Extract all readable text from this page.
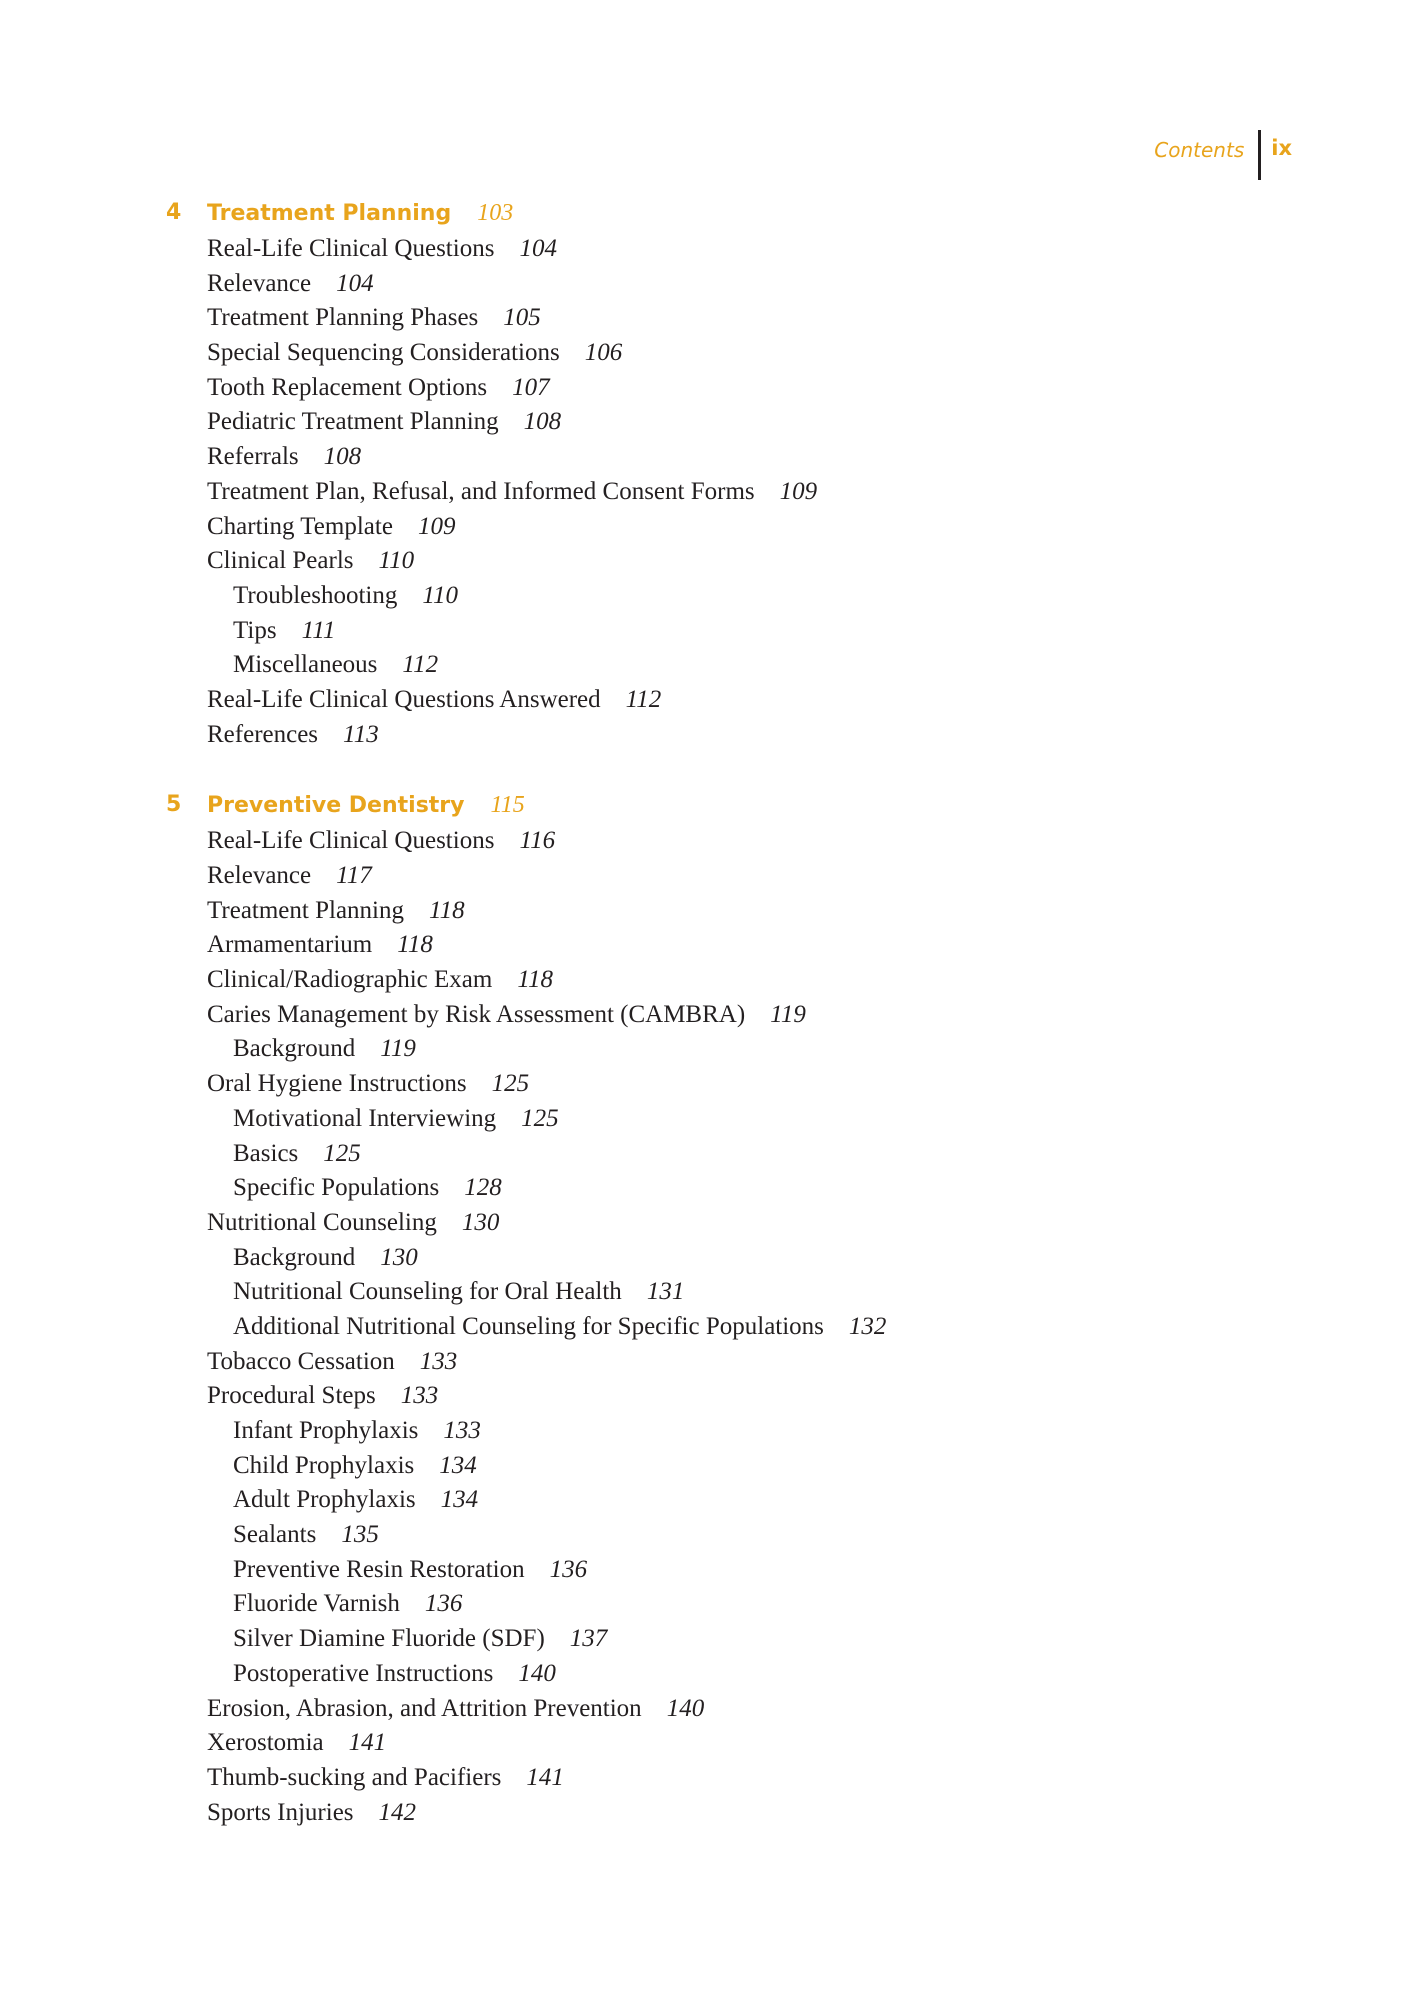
Contents	ix
4 Treatment Planning 103
Real-Life Clinical Questions 104
Relevance 104
Treatment Planning Phases 105
Special Sequencing Considerations 106
Tooth Replacement Options 107
Pediatric Treatment Planning 108
Referrals 108
Treatment Plan, Refusal, and Informed Consent Forms 109
Charting Template 109
Clinical Pearls 110
Troubleshooting 110
Tips 111
Miscellaneous 112
Real-Life Clinical Questions Answered 112
References 113
5 Preventive Dentistry 115
Real-Life Clinical Questions 116
Relevance 117
Treatment Planning 118
Armamentarium 118
Clinical/Radiographic Exam 118
Caries Management by Risk Assessment (CAMBRA) 119
Background 119
Oral Hygiene Instructions 125
Motivational Interviewing 125
Basics 125
Specific Populations 128
Nutritional Counseling 130
Background 130
Nutritional Counseling for Oral Health 131
Additional Nutritional Counseling for Specific Populations 132
Tobacco Cessation 133
Procedural Steps 133
Infant Prophylaxis 133
Child Prophylaxis 134
Adult Prophylaxis 134
Sealants 135
Preventive Resin Restoration 136
Fluoride Varnish 136
Silver Diamine Fluoride (SDF) 137
Postoperative Instructions 140
Erosion, Abrasion, and Attrition Prevention 140
Xerostomia 141
Thumb-sucking and Pacifiers 141
Sports Injuries 142
